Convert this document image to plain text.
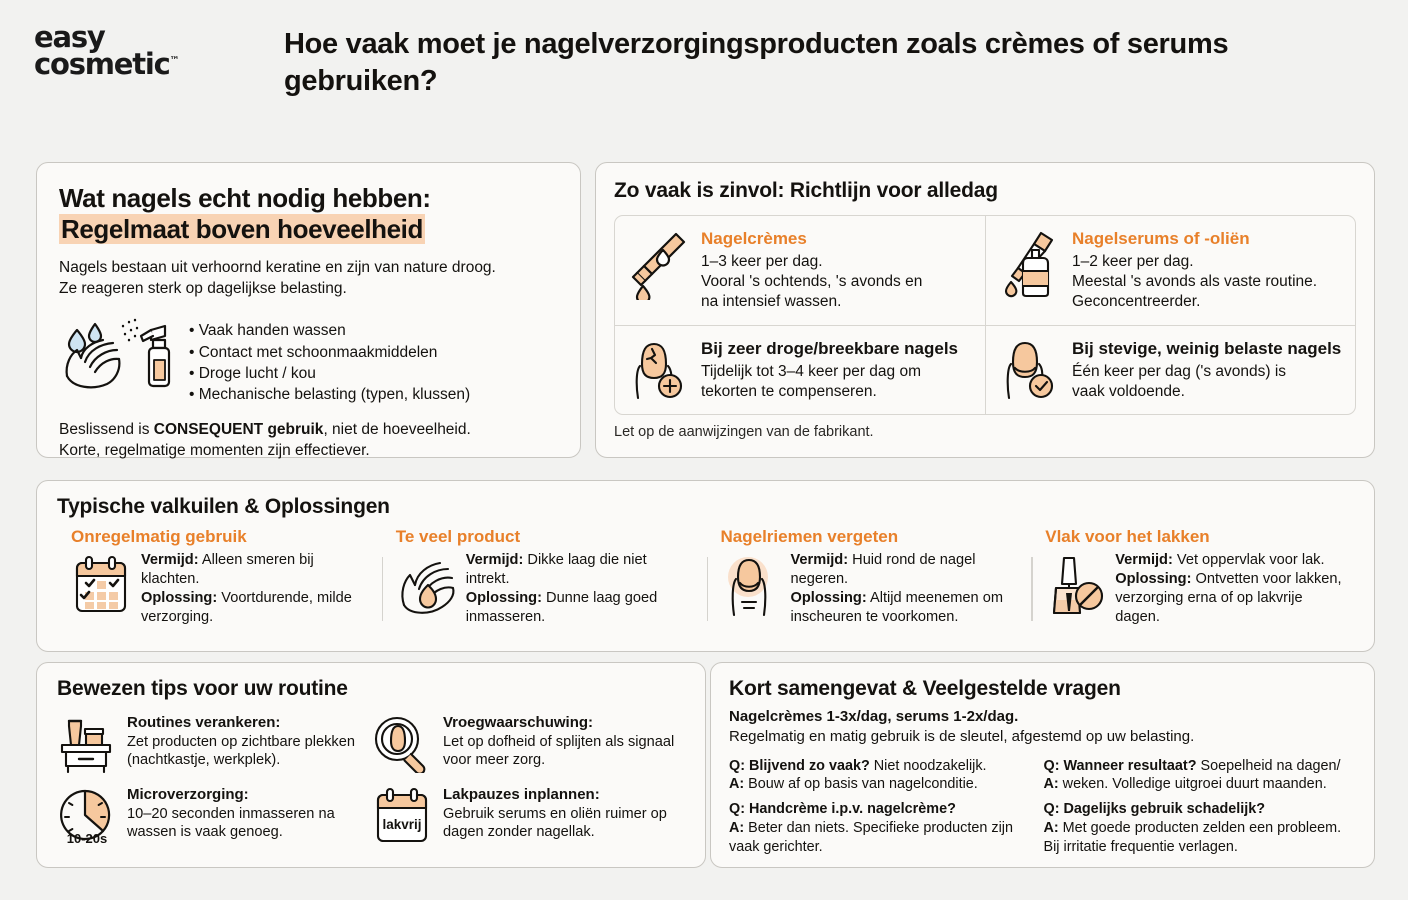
easy
cosmetic™
Hoe vaak moet je nagelverzorgingsproducten zoals crèmes of serums gebruiken?
Wat nagels echt nodig hebben:
Regelmaat boven hoeveelheid
Nagels bestaan uit verhoornd keratine en zijn van nature droog.
Ze reageren sterk op dagelijkse belasting.
• Vaak handen wassen
• Contact met schoonmaakmiddelen
• Droge lucht / kou
• Mechanische belasting (typen, klussen)
Beslissend is CONSEQUENT gebruik, niet de hoeveelheid.
Korte, regelmatige momenten zijn effectiever.
Zo vaak is zinvol: Richtlijn voor alledag
Nagelcrèmes
1–3 keer per dag.
Vooral 's ochtends, 's avonds en
na intensief wassen.
Nagelserums of -oliën
1–2 keer per dag.
Meestal 's avonds als vaste routine.
Geconcentreerder.
Bij zeer droge/breekbare nagels
Tijdelijk tot 3–4 keer per dag om
tekorten te compenseren.
Bij stevige, weinig belaste nagels
Één keer per dag ('s avonds) is
vaak voldoende.
Let op de aanwijzingen van de fabrikant.
Typische valkuilen & Oplossingen
Onregelmatig gebruik
Vermijd: Alleen smeren bij klachten.
Oplossing: Voortdurende, milde verzorging.
Te veel product
Vermijd: Dikke laag die niet intrekt.
Oplossing: Dunne laag goed inmasseren.
Nagelriemen vergeten
Vermijd: Huid rond de nagel negeren.
Oplossing: Altijd meenemen om inscheuren te voorkomen.
Vlak voor het lakken
Vermijd: Vet oppervlak voor lak.
Oplossing: Ontvetten voor lakken, verzorging erna of op lakvrije dagen.
Bewezen tips voor uw routine
Routines verankeren:
Zet producten op zichtbare plekken (nachtkastje, werkplek).
Vroegwaarschuwing:
Let op dofheid of splijten als signaal voor meer zorg.
10-20s
Microverzorging:
10–20 seconden inmasseren na wassen is vaak genoeg.	lakvrij
Lakpauzes inplannen:
Gebruik serums en oliën ruimer op dagen zonder nagellak.
Kort samengevat & Veelgestelde vragen
Nagelcrèmes 1-3x/dag, serums 1-2x/dag.
Regelmatig en matig gebruik is de sleutel, afgestemd op uw belasting.
Q: Blijvend zo vaak? Niet noodzakelijk.
A: Bouw af op basis van nagelconditie.
Q: Handcrème i.p.v. nagelcrème?
A: Beter dan niets. Specifieke producten zijn vaak gerichter.
Q: Wanneer resultaat? Soepelheid na dagen/
A: weken. Volledige uitgroei duurt maanden.
Q: Dagelijks gebruik schadelijk?
A: Met goede producten zelden een probleem. Bij irritatie frequentie verlagen.
